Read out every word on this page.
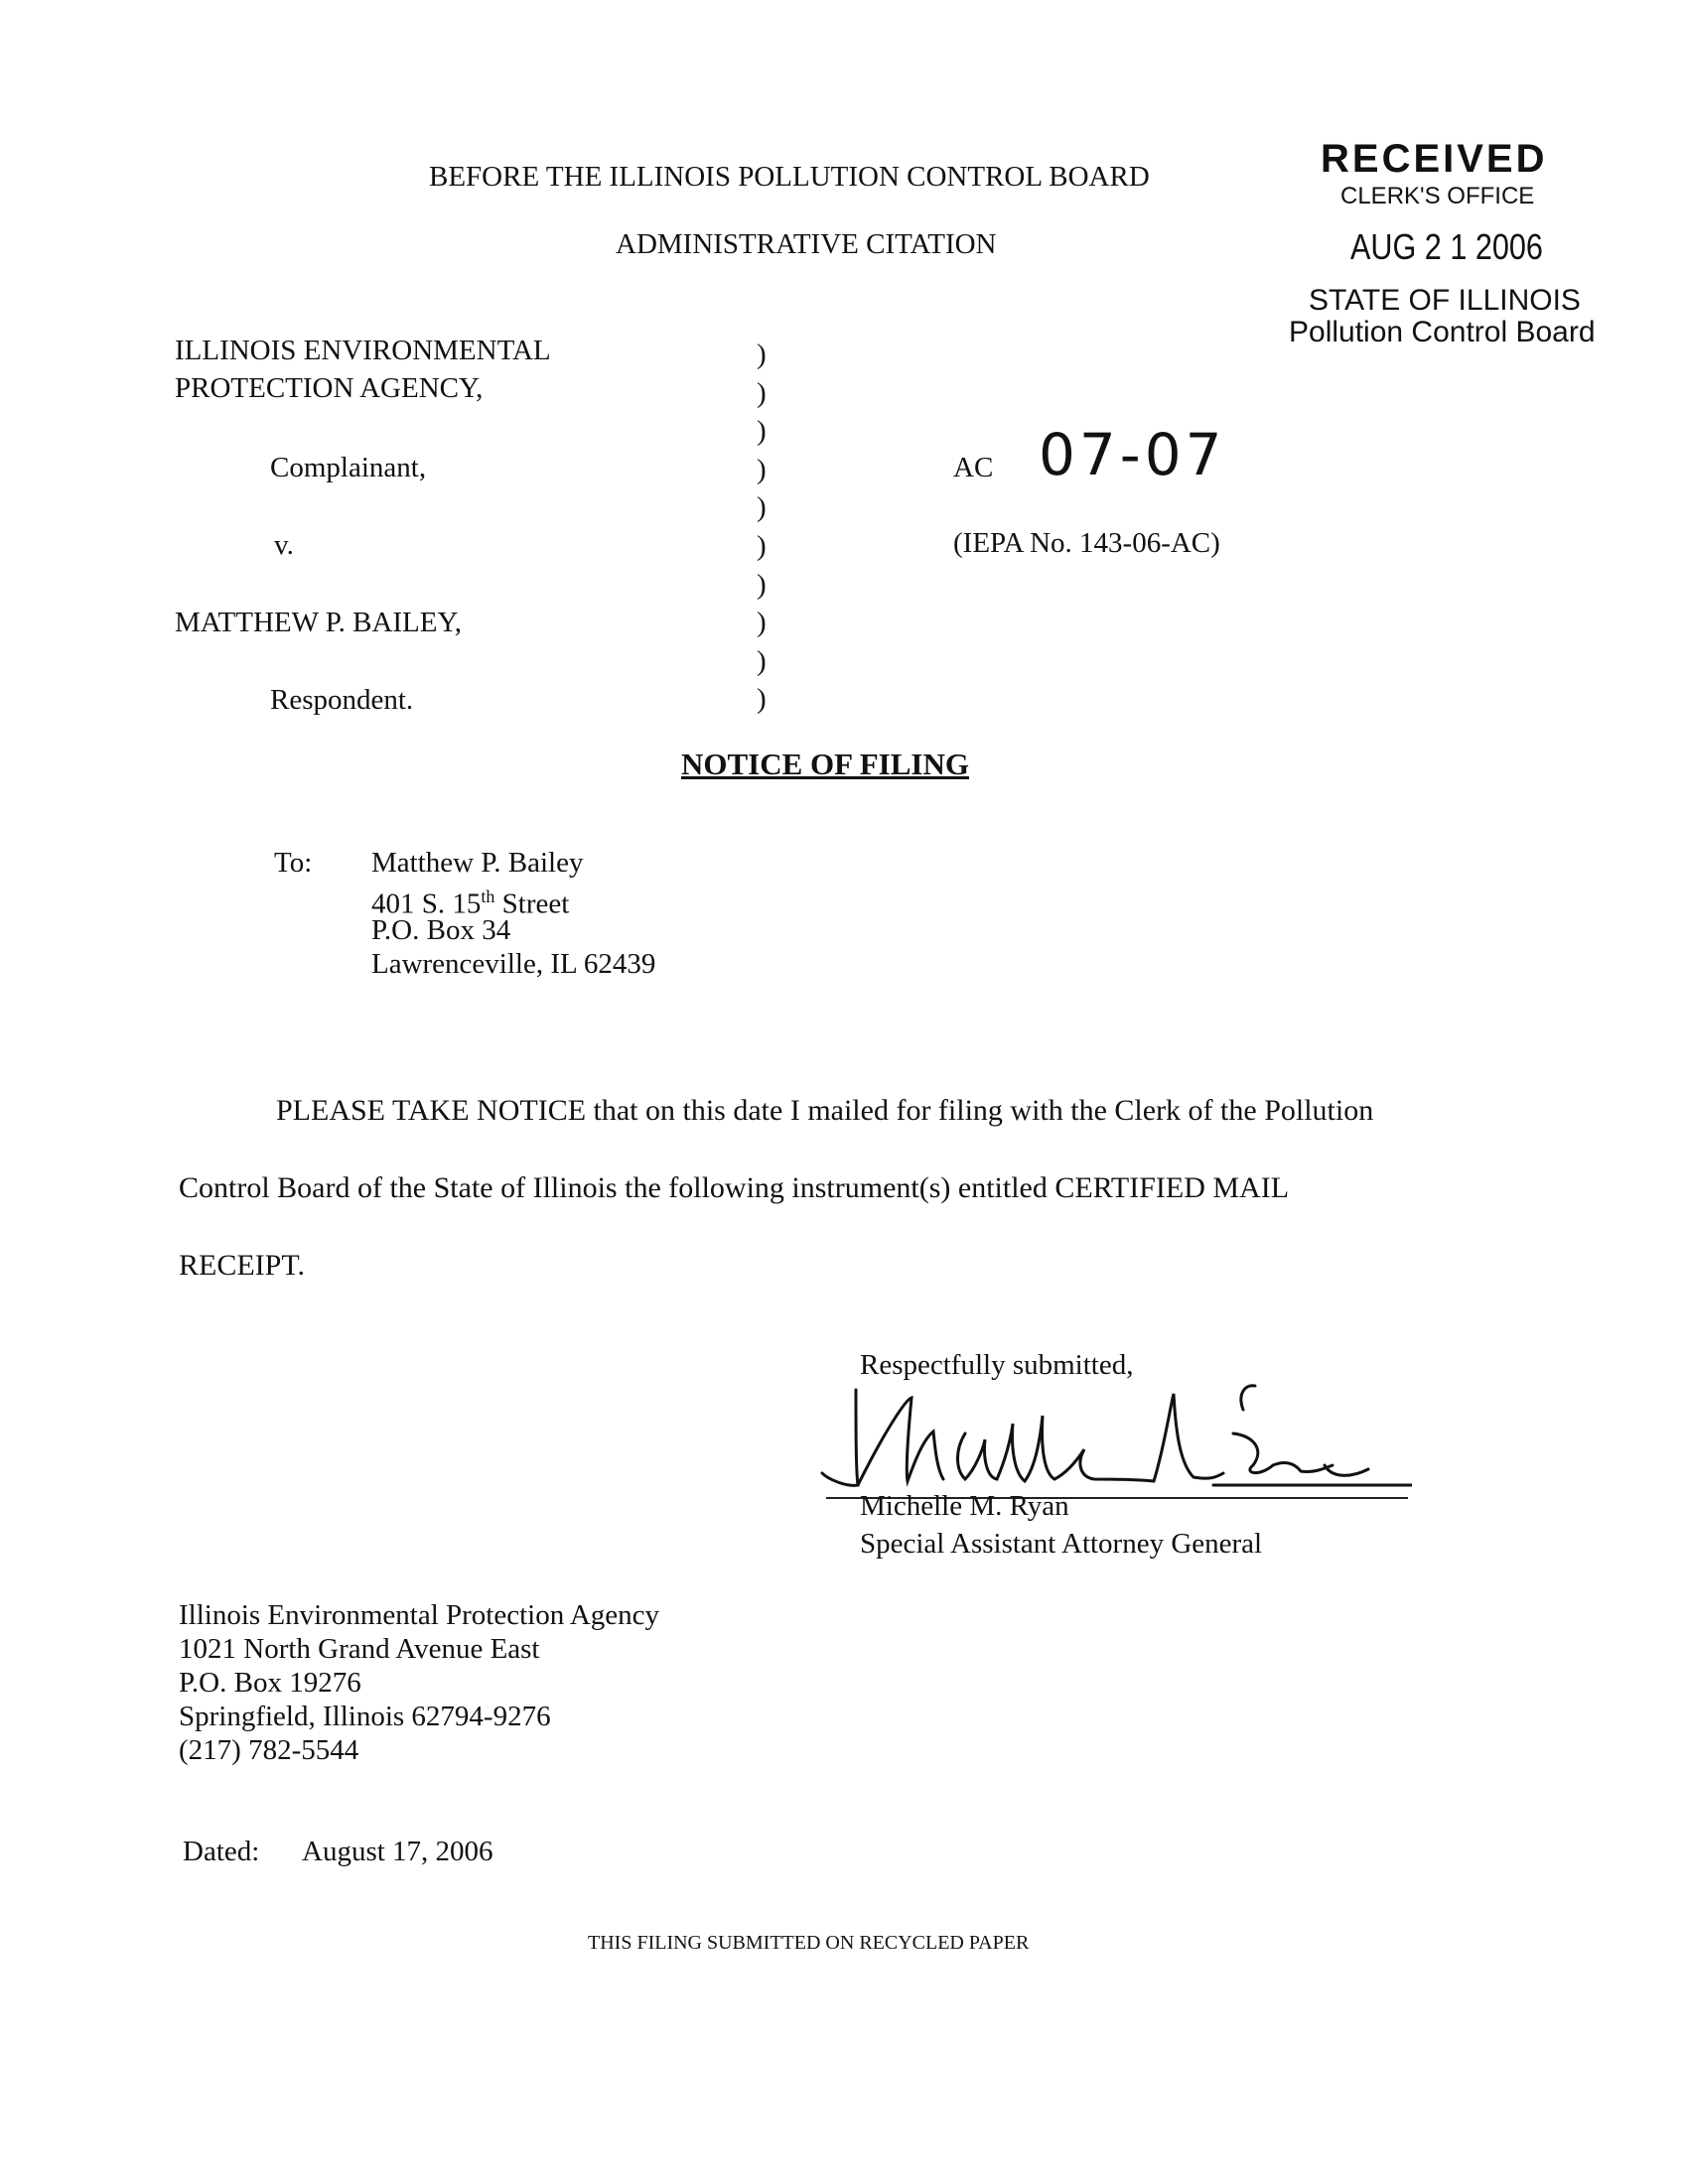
BEFORE THE ILLINOIS POLLUTION CONTROL BOARD
ADMINISTRATIVE CITATION
RECEIVED
CLERK'S OFFICE
AUG 2 1 2006
STATE OF ILLINOIS
Pollution Control Board
ILLINOIS ENVIRONMENTAL
PROTECTION AGENCY,
Complainant,
v.
MATTHEW P. BAILEY,
Respondent.
)
)
)
)
)
)
)
)
)
)
AC 07-07
(IEPA No. 143-06-AC)
NOTICE OF FILING
To: Matthew P. Bailey
401 S. 15th Street
P.O. Box 34
Lawrenceville, IL 62439
PLEASE TAKE NOTICE that on this date I mailed for filing with the Clerk of the Pollution
Control Board of the State of Illinois the following instrument(s) entitled CERTIFIED MAIL
RECEIPT.
Respectfully submitted,
Michelle M. Ryan
Special Assistant Attorney General
Illinois Environmental Protection Agency
1021 North Grand Avenue East
P.O. Box 19276
Springfield, Illinois 62794-9276
(217) 782-5544
Dated: August 17, 2006
THIS FILING SUBMITTED ON RECYCLED PAPER
